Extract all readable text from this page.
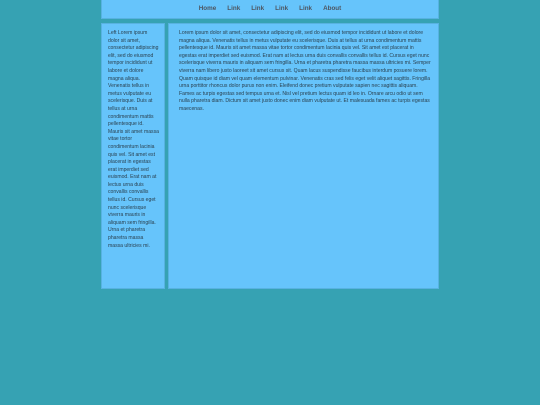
Home	Link	Link	Link	Link	About

Left Lorem ipsum dolor sit amet, consectetur adipiscing elit, sed do eiusmod tempor incididunt ut labore et dolore magna aliqua. Venenatis tellus in metus vulputate eu scelerisque. Duis at tellus at urna condimentum mattis pellentesque id. Mauris sit amet massa vitae tortor condimentum lacinia quis vel. Sit amet est placerat in egestas erat imperdiet sed euismod. Erat nam at lectus urna duis convallis convallis tellus id. Cursus eget nunc scelerisque viverra mauris in aliquam sem fringilla. Urna et pharetra pharetra massa massa ultricies mi.

Lorem ipsum dolor sit amet, consectetur adipiscing elit, sed do eiusmod tempor incididunt ut labore et dolore magna aliqua. Venenatis tellus in metus vulputate eu scelerisque. Duis at tellus at urna condimentum mattis pellentesque id. Mauris sit amet massa vitae tortor condimentum lacinia quis vel. Sit amet est placerat in egestas erat imperdiet sed euismod. Erat nam at lectus urna duis convallis convallis tellus id. Cursus eget nunc scelerisque viverra mauris in aliquam sem fringilla. Urna et pharetra pharetra massa massa ultricies mi. Semper viverra nam libero justo laoreet sit amet cursus sit. Quam lacus suspendisse faucibus interdum posuere lorem. Quam quisque id diam vel quam elementum pulvinar. Venenatis cras sed felis eget velit aliquet sagittis. Fringilla urna porttitor rhoncus dolor purus non enim. Eleifend donec pretium vulputate sapien nec sagittis aliquam. Fames ac turpis egestas sed tempus urna et. Nisl vel pretium lectus quam id leo in. Ornare arcu odio ut sem nulla pharetra diam. Dictum sit amet justo donec enim diam vulputate ut. Et malesuada fames ac turpis egestas maecenas.
